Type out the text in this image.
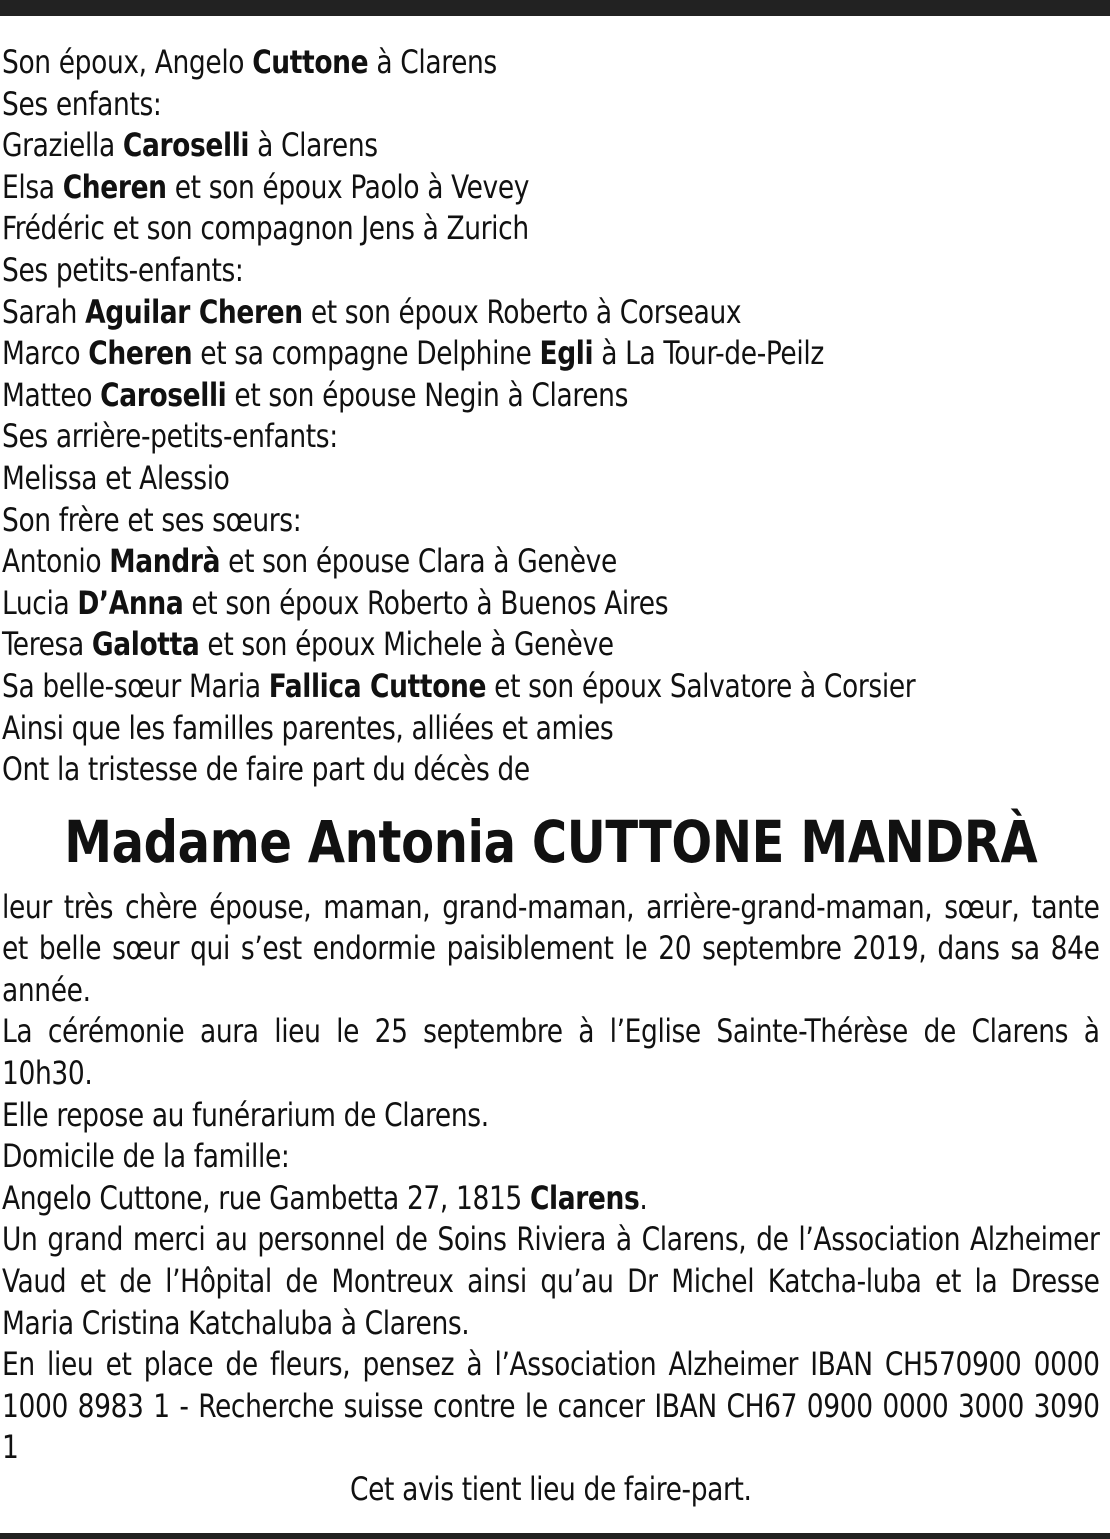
Son époux, Angelo Cuttone à Clarens
Ses enfants:
Graziella Caroselli à Clarens
Elsa Cheren et son époux Paolo à Vevey
Frédéric et son compagnon Jens à Zurich
Ses petits-enfants:
Sarah Aguilar Cheren et son époux Roberto à Corseaux
Marco Cheren et sa compagne Delphine Egli à La Tour-de-Peilz
Matteo Caroselli et son épouse Negin à Clarens
Ses arrière-petits-enfants:
Melissa et Alessio
Son frère et ses sœurs:
Antonio Mandrà et son épouse Clara à Genève
Lucia D’Anna et son époux Roberto à Buenos Aires
Teresa Galotta et son époux Michele à Genève
Sa belle-sœur Maria Fallica Cuttone et son époux Salvatore à Corsier
Ainsi que les familles parentes, alliées et amies
Ont la tristesse de faire part du décès de
Madame Antonia CUTTONE MANDRÀ
leur très chère épouse, maman, grand-maman, arrière-grand-maman, sœur, tante et belle sœur qui s’est endormie paisiblement le 20 septembre 2019, dans sa 84e année.
La cérémonie aura lieu le 25 septembre à l’Eglise Sainte-Thérèse de Clarens à 10h30.
Elle repose au funérarium de Clarens.
Domicile de la famille:
Angelo Cuttone, rue Gambetta 27, 1815 Clarens.
Un grand merci au personnel de Soins Riviera à Clarens, de l’Association Alzheimer Vaud et de l’Hôpital de Montreux ainsi qu’au Dr Michel Katcha-luba et la Dresse Maria Cristina Katchaluba à Clarens.
En lieu et place de fleurs, pensez à l’Association Alzheimer IBAN CH570900 0000 1000 8983 1 - Recherche suisse contre le cancer IBAN CH67 0900 0000 3000 3090 1
Cet avis tient lieu de faire-part.
